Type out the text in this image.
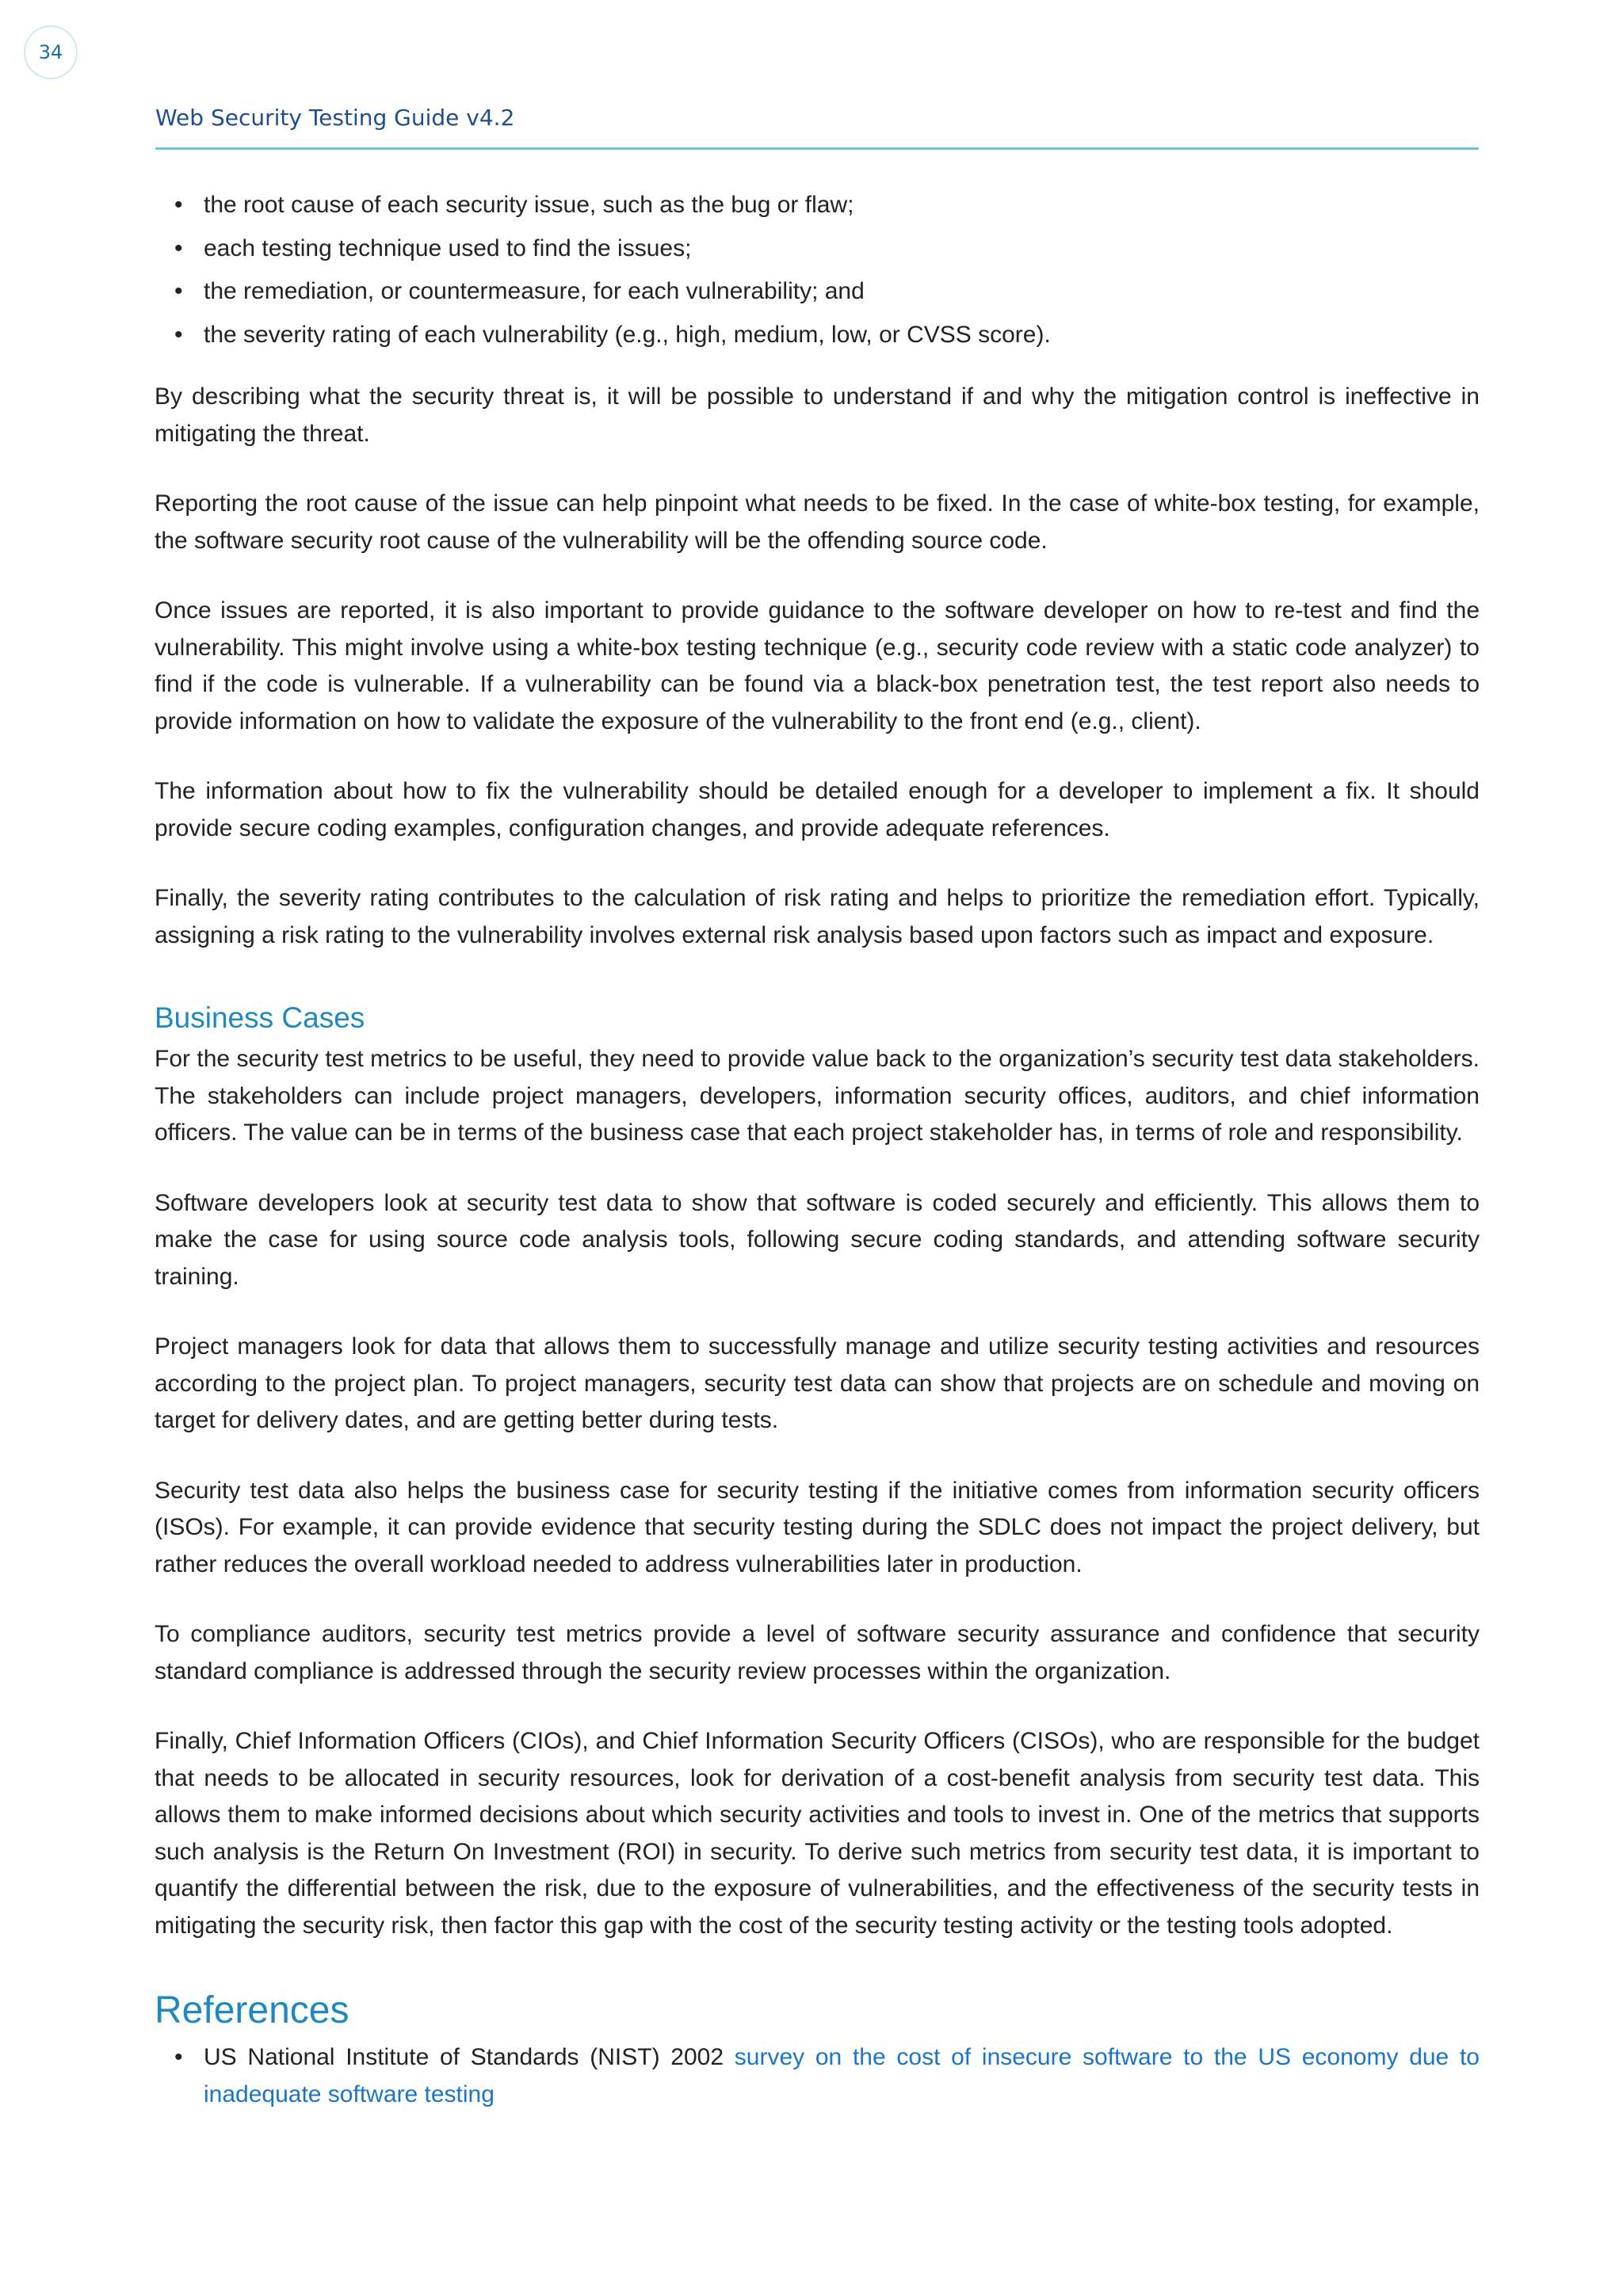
34
Web Security Testing Guide v4.2
• the root cause of each security issue, such as the bug or flaw;
• each testing technique used to find the issues;
• the remediation, or countermeasure, for each vulnerability; and
• the severity rating of each vulnerability (e.g., high, medium, low, or CVSS score).

By describing what the security threat is, it will be possible to understand if and why the mitigation control is ineffective in mitigating the threat.

Reporting the root cause of the issue can help pinpoint what needs to be fixed. In the case of white-box testing, for example, the software security root cause of the vulnerability will be the offending source code.

Once issues are reported, it is also important to provide guidance to the software developer on how to re-test and find the vulnerability. This might involve using a white-box testing technique (e.g., security code review with a static code analyzer) to find if the code is vulnerable. If a vulnerability can be found via a black-box penetration test, the test report also needs to provide information on how to validate the exposure of the vulnerability to the front end (e.g., client).

The information about how to fix the vulnerability should be detailed enough for a developer to implement a fix. It should provide secure coding examples, configuration changes, and provide adequate references.

Finally, the severity rating contributes to the calculation of risk rating and helps to prioritize the remediation effort. Typically, assigning a risk rating to the vulnerability involves external risk analysis based upon factors such as impact and exposure.

Business Cases

For the security test metrics to be useful, they need to provide value back to the organization’s security test data stakeholders. The stakeholders can include project managers, developers, information security offices, auditors, and chief information officers. The value can be in terms of the business case that each project stakeholder has, in terms of role and responsibility.

Software developers look at security test data to show that software is coded securely and efficiently. This allows them to make the case for using source code analysis tools, following secure coding standards, and attending software security training.

Project managers look for data that allows them to successfully manage and utilize security testing activities and resources according to the project plan. To project managers, security test data can show that projects are on schedule and moving on target for delivery dates, and are getting better during tests.

Security test data also helps the business case for security testing if the initiative comes from information security officers (ISOs). For example, it can provide evidence that security testing during the SDLC does not impact the project delivery, but rather reduces the overall workload needed to address vulnerabilities later in production.

To compliance auditors, security test metrics provide a level of software security assurance and confidence that security standard compliance is addressed through the security review processes within the organization.

Finally, Chief Information Officers (CIOs), and Chief Information Security Officers (CISOs), who are responsible for the budget that needs to be allocated in security resources, look for derivation of a cost-benefit analysis from security test data. This allows them to make informed decisions about which security activities and tools to invest in. One of the metrics that supports such analysis is the Return On Investment (ROI) in security. To derive such metrics from security test data, it is important to quantify the differential between the risk, due to the exposure of vulnerabilities, and the effectiveness of the security tests in mitigating the security risk, then factor this gap with the cost of the security testing activity or the testing tools adopted.

References
• US National Institute of Standards (NIST) 2002 survey on the cost of insecure software to the US economy due to inadequate software testing
